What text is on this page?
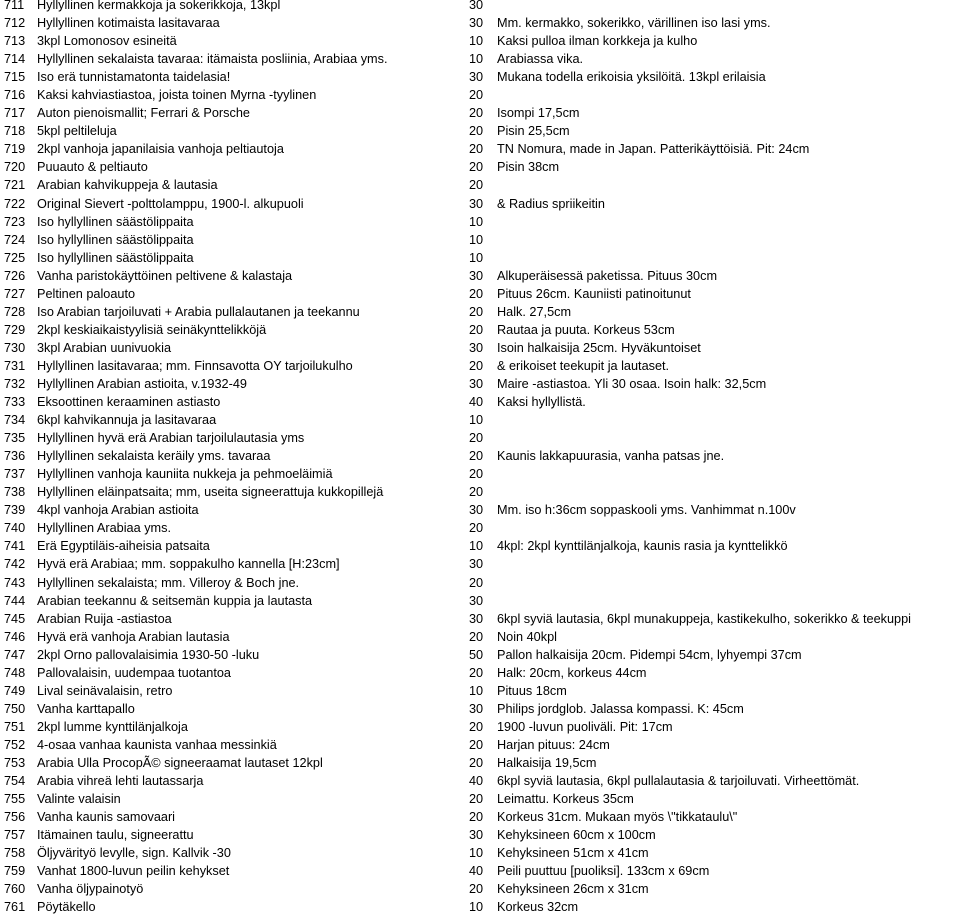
711 Hyllyllinen kermakkoja ja sokerikkoja, 13kpl	30
712 Hyllyllinen kotimaista lasitavaraa	30 Mm. kermakko, sokerikko, värillinen iso lasi yms.
713 3kpl Lomonosov esineitä	10 Kaksi pulloa ilman korkkeja ja kulho
714 Hyllyllinen sekalaista tavaraa: itämaista posliinia, Arabiaa yms.	10 Arabiassa vika.
715 Iso erä tunnistamatonta taidelasia!	30 Mukana todella erikoisia yksilöitä. 13kpl erilaisia
716 Kaksi kahviastiastoa, joista toinen Myrna -tyylinen	20
717 Auton pienoismallit; Ferrari & Porsche	20 Isompi 17,5cm
718 5kpl peltileluja	20 Pisin 25,5cm
719 2kpl vanhoja japanilaisia vanhoja peltiautoja	20 TN Nomura, made in Japan. Patterikäyttöisiä. Pit: 24cm
720 Puuauto & peltiauto	20 Pisin 38cm
721 Arabian kahvikuppeja & lautasia	20
722 Original Sievert -polttolamppu, 1900-l. alkupuoli	30 & Radius spriikeitin
723 Iso hyllyllinen säästölippaita	10
724 Iso hyllyllinen säästölippaita	10
725 Iso hyllyllinen säästölippaita	10
726 Vanha paristokäyttöinen peltivene & kalastaja	30 Alkuperäisessä paketissa. Pituus 30cm
727 Peltinen paloauto	20 Pituus 26cm. Kauniisti patinoitunut
728 Iso Arabian tarjoiluvati + Arabia pullalautanen ja teekannu	20 Halk. 27,5cm
729 2kpl keskiaikaistyylisiä seinäkynttelikköjä	20 Rautaa ja puuta. Korkeus 53cm
730 3kpl Arabian uunivuokia	30 Isoin halkaisija 25cm. Hyväkuntoiset
731 Hyllyllinen lasitavaraa; mm. Finnsavotta OY tarjoilukulho	20 & erikoiset teekupit ja lautaset.
732 Hyllyllinen Arabian astioita, v.1932-49	30 Maire -astiastoa. Yli 30 osaa. Isoin halk: 32,5cm
733 Eksoottinen keraaminen astiasto	40 Kaksi hyllyllistä.
734 6kpl kahvikannuja ja lasitavaraa	10
735 Hyllyllinen hyvä erä Arabian tarjoilulautasia yms	20
736 Hyllyllinen sekalaista keräily yms. tavaraa	20 Kaunis lakkapuurasia, vanha patsas jne.
737 Hyllyllinen vanhoja kauniita nukkeja ja pehmoeläimiä	20
738 Hyllyllinen eläinpatsaita; mm, useita signeerattuja kukkopillejä	20
739 4kpl vanhoja Arabian astioita	30 Mm. iso h:36cm soppaskooli yms. Vanhimmat n.100v
740 Hyllyllinen Arabiaa yms.	20
741 Erä Egyptiläis-aiheisia patsaita	10 4kpl: 2kpl kynttilänjalkoja, kaunis rasia ja kynttelikkö
742 Hyvä erä Arabiaa; mm. soppakulho kannella [H:23cm]	30
743 Hyllyllinen sekalaista; mm. Villeroy & Boch jne.	20
744 Arabian teekannu & seitsemän kuppia ja lautasta	30
745 Arabian Ruija -astiastoa	30 6kpl syviä lautasia, 6kpl munakuppeja, kastikekulho, sokerikko & teekuppi
746 Hyvä erä vanhoja Arabian lautasia	20 Noin 40kpl
747 2kpl Orno pallovalaisimia 1930-50 -luku	50 Pallon halkaisija 20cm. Pidempi 54cm, lyhyempi 37cm
748 Pallovalaisin, uudempaa tuotantoa	20 Halk: 20cm, korkeus 44cm
749 Lival seinävalaisin, retro	10 Pituus 18cm
750 Vanha karttapallo	30 Philips jordglob. Jalassa kompassi. K: 45cm
751 2kpl lumme kynttilänjalkoja	20 1900 -luvun puoliväli. Pit: 17cm
752 4-osaa vanhaa kaunista vanhaa messinkiä	20 Harjan pituus: 24cm
753 Arabia Ulla ProcopÃ© signeeraamat lautaset 12kpl	20 Halkaisija 19,5cm
754 Arabia vihreä lehti lautassarja	40 6kpl syviä lautasia, 6kpl pullalautasia & tarjoiluvati. Virheettömät.
755 Valinte valaisin	20 Leimattu. Korkeus 35cm
756 Vanha kaunis samovaari	20 Korkeus 31cm. Mukaan myös \"tikkataulu\"
757 Itämainen taulu, signeerattu	30 Kehyksineen 60cm x 100cm
758 Öljyvärityö levylle, sign. Kallvik -30	10 Kehyksineen 51cm x 41cm
759 Vanhat 1800-luvun peilin kehykset	40 Peili puuttuu [puoliksi]. 133cm x 69cm
760 Vanha öljypainotyö	20 Kehyksineen 26cm x 31cm
761 Pöytäkello	10 Korkeus 32cm
